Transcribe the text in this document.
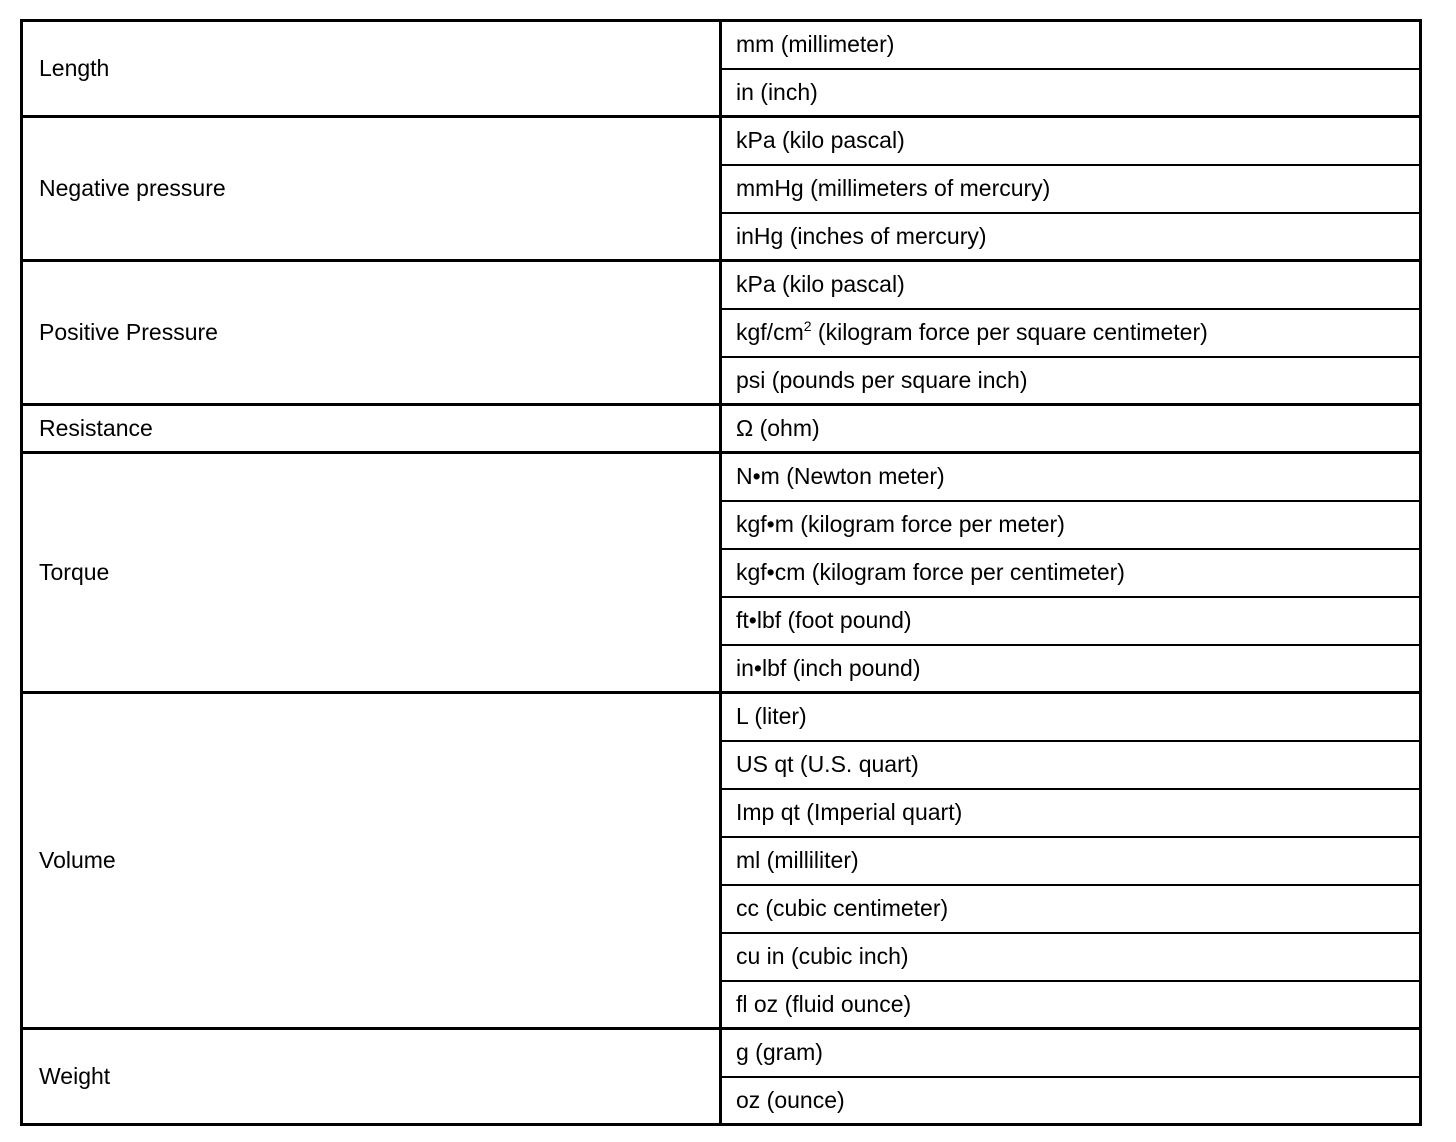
Length	mm (millimeter)
	in (inch)
Negative pressure	kPa (kilo pascal)
	mmHg (millimeters of mercury)
	inHg (inches of mercury)
Positive Pressure	kPa (kilo pascal)
	kgf/$cm^2$ (kilogram force per square centimeter)
	psi (pounds per square inch)
Resistance	Ω (ohm)
Torque	N•m (Newton meter)
	kgf•m (kilogram force per meter)
	kgf•cm (kilogram force per centimeter)
	ft•lbf (foot pound)
	in•lbf (inch pound)
Volume	L (liter)
	US qt (U.S. quart)
	Imp qt (Imperial quart)
	ml (milliliter)
	cc (cubic centimeter)
	cu in (cubic inch)
	fl oz (fluid ounce)
Weight	g (gram)
	oz (ounce)
